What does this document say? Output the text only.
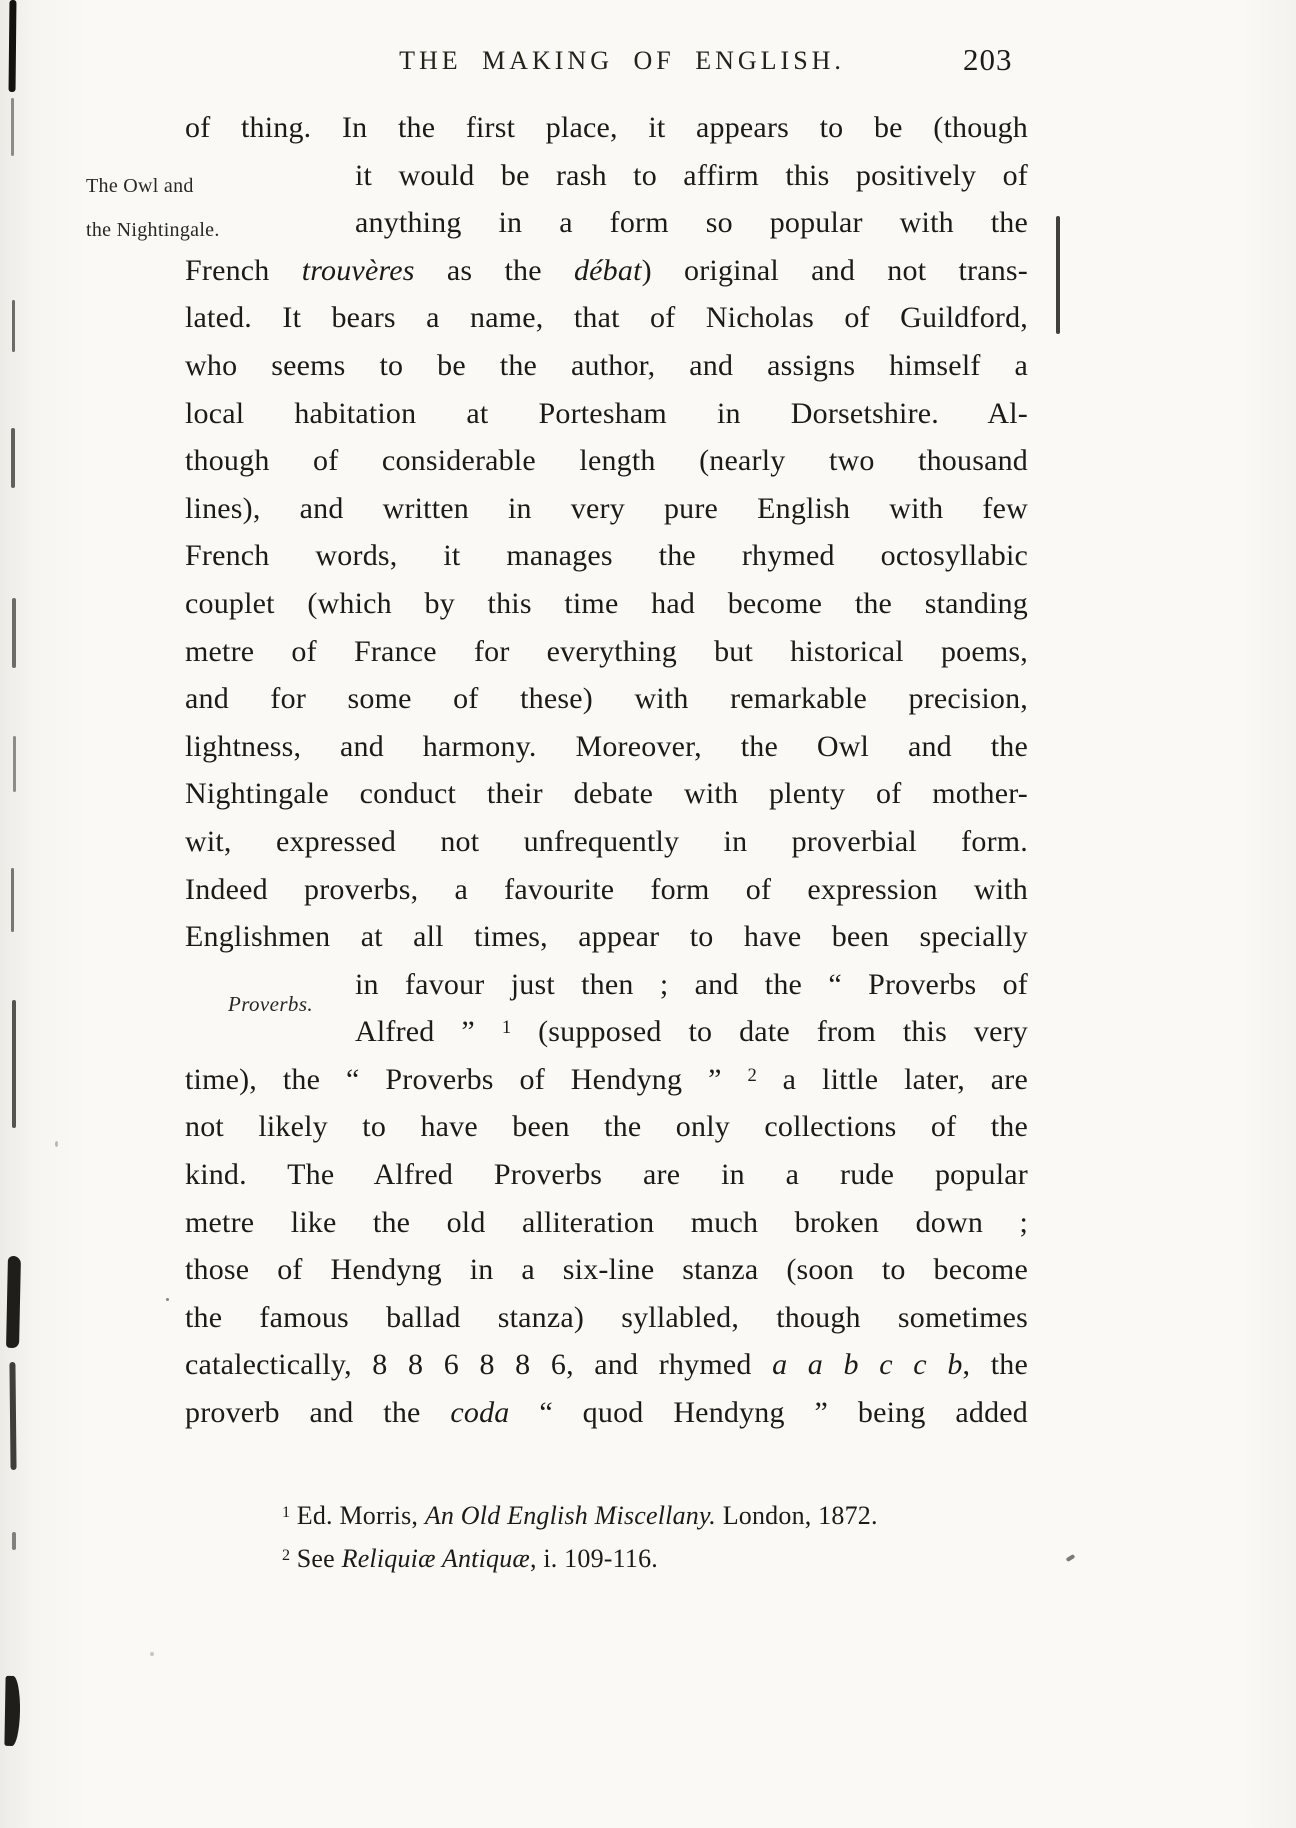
THE MAKING OF ENGLISH.	203
The Owl and
the Nightingale.
Proverbs.
of thing. In the first place, it appears to be (though
it would be rash to affirm this positively of
anything in a form so popular with the
French trouvères as the débat) original and not trans-
lated. It bears a name, that of Nicholas of Guildford,
who seems to be the author, and assigns himself a
local habitation at Portesham in Dorsetshire. Al-
though of considerable length (nearly two thousand
lines), and written in very pure English with few
French words, it manages the rhymed octosyllabic
couplet (which by this time had become the standing
metre of France for everything but historical poems,
and for some of these) with remarkable precision,
lightness, and harmony. Moreover, the Owl and the
Nightingale conduct their debate with plenty of mother-
wit, expressed not unfrequently in proverbial form.
Indeed proverbs, a favourite form of expression with
Englishmen at all times, appear to have been specially
in favour just then ; and the “ Proverbs of
Alfred ” $^1$ (supposed to date from this very
time), the “ Proverbs of Hendyng ” $^2$ a little later, are
not likely to have been the only collections of the
kind. The Alfred Proverbs are in a rude popular
metre like the old alliteration much broken down ;
those of Hendyng in a six-line stanza (soon to become
the famous ballad stanza) syllabled, though sometimes
catalectically, 8 8 6 8 8 6, and rhymed a a b c c b, the
proverb and the coda “ quod Hendyng ” being added
$^1$ Ed. Morris, An Old English Miscellany. London, 1872.
$^2$ See Reliquiæ Antiquæ, i. 109-116.
